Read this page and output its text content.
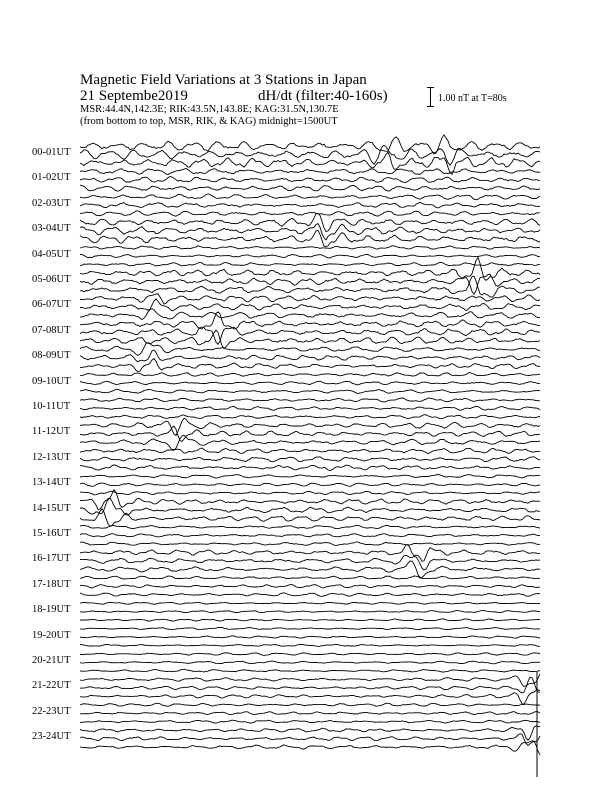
Magnetic Field Variations at 3 Stations in Japan
21 Septembe2019	dH/dt (filter:40-160s)
MSR:44.4N,142.3E; RIK:43.5N,143.8E; KAG:31.5N,130.7E
(from bottom to top, MSR, RIK, & KAG) midnight=1500UT
1.00 nT at T=80s
00-01UT
01-02UT
02-03UT
03-04UT
04-05UT
05-06UT
06-07UT
07-08UT
08-09UT
09-10UT
10-11UT
11-12UT
12-13UT
13-14UT
14-15UT
15-16UT
16-17UT
17-18UT
18-19UT
19-20UT
20-21UT
21-22UT
22-23UT
23-24UT
